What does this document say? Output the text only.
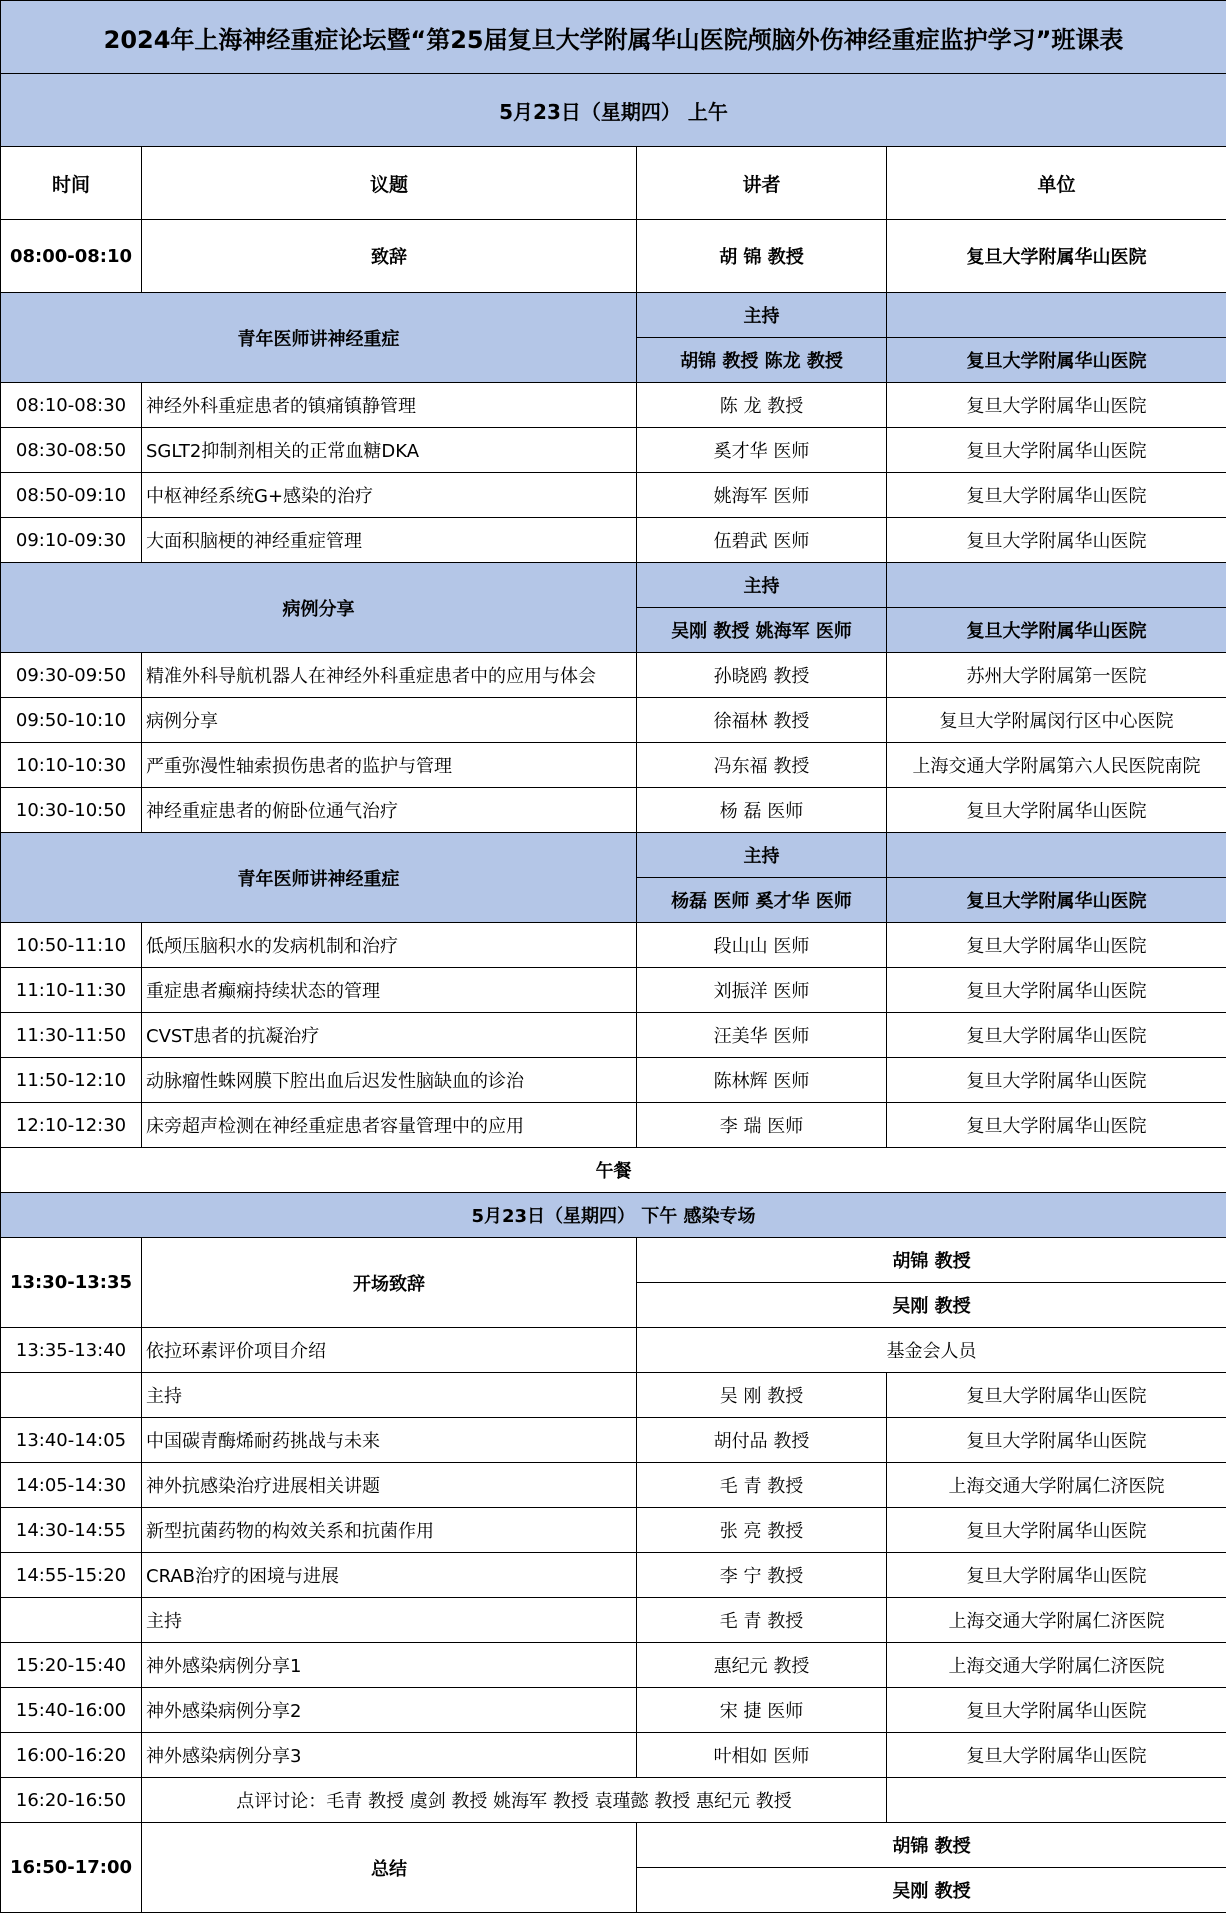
2024年上海神经重症论坛暨“第25届复旦大学附属华山医院颅脑外伤神经重症监护学习”班课表			
5月23日（星期四） 上午			
时间	议题	讲者	单位
08:00-08:10	致辞	胡 锦 教授	复旦大学附属华山医院
青年医师讲神经重症		主持	
		胡锦 教授 陈龙 教授	复旦大学附属华山医院
08:10-08:30	神经外科重症患者的镇痛镇静管理	陈 龙 教授	复旦大学附属华山医院
08:30-08:50	SGLT2抑制剂相关的正常血糖DKA	奚才华 医师	复旦大学附属华山医院
08:50-09:10	中枢神经系统G+感染的治疗	姚海军 医师	复旦大学附属华山医院
09:10-09:30	大面积脑梗的神经重症管理	伍碧武 医师	复旦大学附属华山医院
病例分享		主持	
		吴刚 教授 姚海军 医师	复旦大学附属华山医院
09:30-09:50	精准外科导航机器人在神经外科重症患者中的应用与体会	孙晓鸥 教授	苏州大学附属第一医院
09:50-10:10	病例分享	徐福林 教授	复旦大学附属闵行区中心医院
10:10-10:30	严重弥漫性轴索损伤患者的监护与管理	冯东福 教授	上海交通大学附属第六人民医院南院
10:30-10:50	神经重症患者的俯卧位通气治疗	杨 磊 医师	复旦大学附属华山医院
青年医师讲神经重症		主持	
		杨磊 医师 奚才华 医师	复旦大学附属华山医院
10:50-11:10	低颅压脑积水的发病机制和治疗	段山山 医师	复旦大学附属华山医院
11:10-11:30	重症患者癫痫持续状态的管理	刘振洋 医师	复旦大学附属华山医院
11:30-11:50	CVST患者的抗凝治疗	汪美华 医师	复旦大学附属华山医院
11:50-12:10	动脉瘤性蛛网膜下腔出血后迟发性脑缺血的诊治	陈林辉 医师	复旦大学附属华山医院
12:10-12:30	床旁超声检测在神经重症患者容量管理中的应用	李 瑞 医师	复旦大学附属华山医院
午餐			
5月23日（星期四） 下午 感染专场			
13:30-13:35	开场致辞	胡锦 教授	
		吴刚 教授	
13:35-13:40	依拉环素评价项目介绍	基金会人员	
	主持	吴 刚 教授	复旦大学附属华山医院
13:40-14:05	中国碳青酶烯耐药挑战与未来	胡付品 教授	复旦大学附属华山医院
14:05-14:30	神外抗感染治疗进展相关讲题	毛 青 教授	上海交通大学附属仁济医院
14:30-14:55	新型抗菌药物的构效关系和抗菌作用	张 亮 教授	复旦大学附属华山医院
14:55-15:20	CRAB治疗的困境与进展	李 宁 教授	复旦大学附属华山医院
	主持	毛 青 教授	上海交通大学附属仁济医院
15:20-15:40	神外感染病例分享1	惠纪元 教授	上海交通大学附属仁济医院
15:40-16:00	神外感染病例分享2	宋 捷 医师	复旦大学附属华山医院
16:00-16:20	神外感染病例分享3	叶相如 医师	复旦大学附属华山医院
16:20-16:50	点评讨论：毛青 教授 虞剑 教授 姚海军 教授 袁瑾懿 教授 惠纪元 教授		
16:50-17:00	总结	胡锦 教授	
		吴刚 教授	
